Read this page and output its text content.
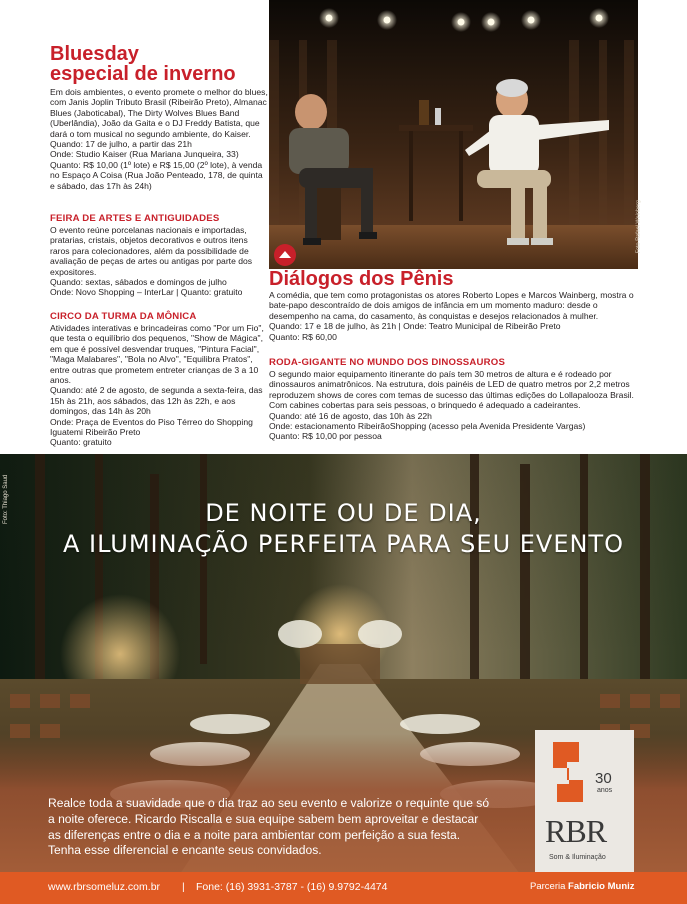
Bluesday
especial de inverno

Em dois ambientes, o evento promete o melhor do blues, com Janis Joplin Tributo Brasil (Ribeirão Preto), Almanac Blues (Jaboticabal), The Dirty Wolves Blues Band (Uberlândia), João da Gaita e o DJ Freddy Batista, que dará o tom musical no segundo ambiente, do Kaiser.

Quando: 17 de julho, a partir das 21h

Onde: Studio Kaiser (Rua Mariana Junqueira, 33)

Quanto: R$ 10,00 (1º lote) e R$ 15,00 (2º lote), à venda no Espaço A Coisa (Rua João Penteado, 178, de quinta e sábado, das 17h às 24h)

FEIRA DE ARTES E ANTIGUIDADES

O evento reúne porcelanas nacionais e importadas, pratarias, cristais, objetos decorativos e outros itens raros para colecionadores, além da possibilidade de avaliação de peças de artes ou antigas por parte dos expositores.

Quando: sextas, sábados e domingos de julho

Onde: Novo Shopping – InterLar | Quanto: gratuito

CIRCO DA TURMA DA MÔNICA

Atividades interativas e brincadeiras como "Por um Fio", que testa o equilíbrio dos pequenos, "Show de Mágica", em que é possível desvendar truques, "Pintura Facial", "Maga Malabares", "Bola no Alvo", "Equilibra Pratos", entre outras que prometem entreter crianças de 3 a 10 anos.

Quando: até 2 de agosto, de segunda a sexta-feira, das 15h às 21h, aos sábados, das 12h às 22h, e aos domingos, das 14h às 20h

Onde: Praça de Eventos do Piso Térreo do Shopping Iguatemi Ribeirão Preto

Quanto: gratuito

Foto Rafael Weinberg
Diálogos dos Pênis

A comédia, que tem como protagonistas os atores Roberto Lopes e Marcos Wainberg, mostra o bate-papo descontraído de dois amigos de infância em um momento maduro: desde o desempenho na cama, do casamento, às conquistas e desejos relacionados à mulher.

Quando: 17 e 18 de julho, às 21h | Onde: Teatro Municipal de Ribeirão Preto

Quanto: R$ 60,00

RODA-GIGANTE NO MUNDO DOS DINOSSAUROS

O segundo maior equipamento itinerante do país tem 30 metros de altura e é rodeado por dinossauros animatrônicos. Na estrutura, dois painéis de LED de quatro metros por 2,2 metros reproduzem shows de cores com temas de sucesso das últimas edições do Lollapalooza Brasil. Com cabines cobertas para seis pessoas, o brinquedo é adequado a cadeirantes.

Quando: até 16 de agosto, das 10h às 22h

Onde: estacionamento RibeirãoShopping (acesso pela Avenida Presidente Vargas)

Quanto: R$ 10,00 por pessoa

Foto: Thiago Saud	DE NOITE OU DE DIA,
A ILUMINAÇÃO PERFEITA PARA SEU EVENTO
Realce toda a suavidade que o dia traz ao seu evento e valorize o requinte que só a noite oferece. Ricardo Riscalla e sua equipe sabem bem aproveitar e destacar as diferenças entre o dia e a noite para ambientar com perfeição a sua festa. Tenha esse diferencial e encante seus convidados.
30
anos
RBR
Som & Iluminação
www.rbrsomeluz.com.br | Fone: (16) 3931-3787 - (16) 9.9792-4474	Parceria Fabricio Muniz
